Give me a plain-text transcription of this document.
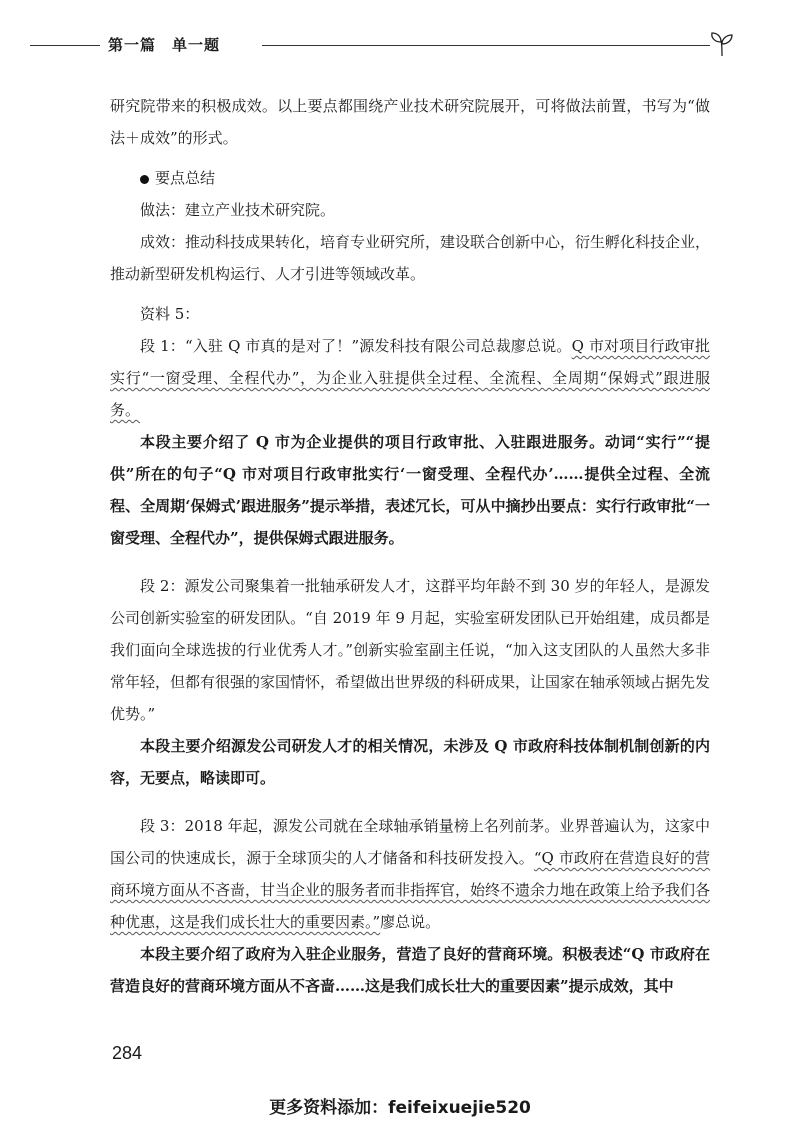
第一篇　单一题

研究院带来的积极成效。以上要点都围绕产业技术研究院展开，可将做法前置，书写为“做法＋成效”的形式。

要点总结

做法：建立产业技术研究院。

成效：推动科技成果转化，培育专业研究所，建设联合创新中心，衍生孵化科技企业，推动新型研发机构运行、人才引进等领域改革。

资料 5：

段 1：“入驻 Q 市真的是对了！”源发科技有限公司总裁廖总说。Q 市对项目行政审批实行“一窗受理、全程代办”，为企业入驻提供全过程、全流程、全周期“保姆式”跟进服务。

本段主要介绍了 Q 市为企业提供的项目行政审批、入驻跟进服务。动词“实行”“提供”所在的句子“Q 市对项目行政审批实行‘一窗受理、全程代办’……提供全过程、全流程、全周期‘保姆式’跟进服务”提示举措，表述冗长，可从中摘抄出要点：实行行政审批“一窗受理、全程代办”，提供保姆式跟进服务。

段 2：源发公司聚集着一批轴承研发人才，这群平均年龄不到 30 岁的年轻人，是源发公司创新实验室的研发团队。“自 2019 年 9 月起，实验室研发团队已开始组建，成员都是我们面向全球选拔的行业优秀人才。”创新实验室副主任说，“加入这支团队的人虽然大多非常年轻，但都有很强的家国情怀，希望做出世界级的科研成果，让国家在轴承领域占据先发优势。”

本段主要介绍源发公司研发人才的相关情况，未涉及 Q 市政府科技体制机制创新的内容，无要点，略读即可。

段 3：2018 年起，源发公司就在全球轴承销量榜上名列前茅。业界普遍认为，这家中国公司的快速成长，源于全球顶尖的人才储备和科技研发投入。“Q 市政府在营造良好的营商环境方面从不吝啬，甘当企业的服务者而非指挥官，始终不遗余力地在政策上给予我们各种优惠，这是我们成长壮大的重要因素。”廖总说。

本段主要介绍了政府为入驻企业服务，营造了良好的营商环境。积极表述“Q 市政府在营造良好的营商环境方面从不吝啬……这是我们成长壮大的重要因素”提示成效，其中

284
更多资料添加：feifeixuejie520
